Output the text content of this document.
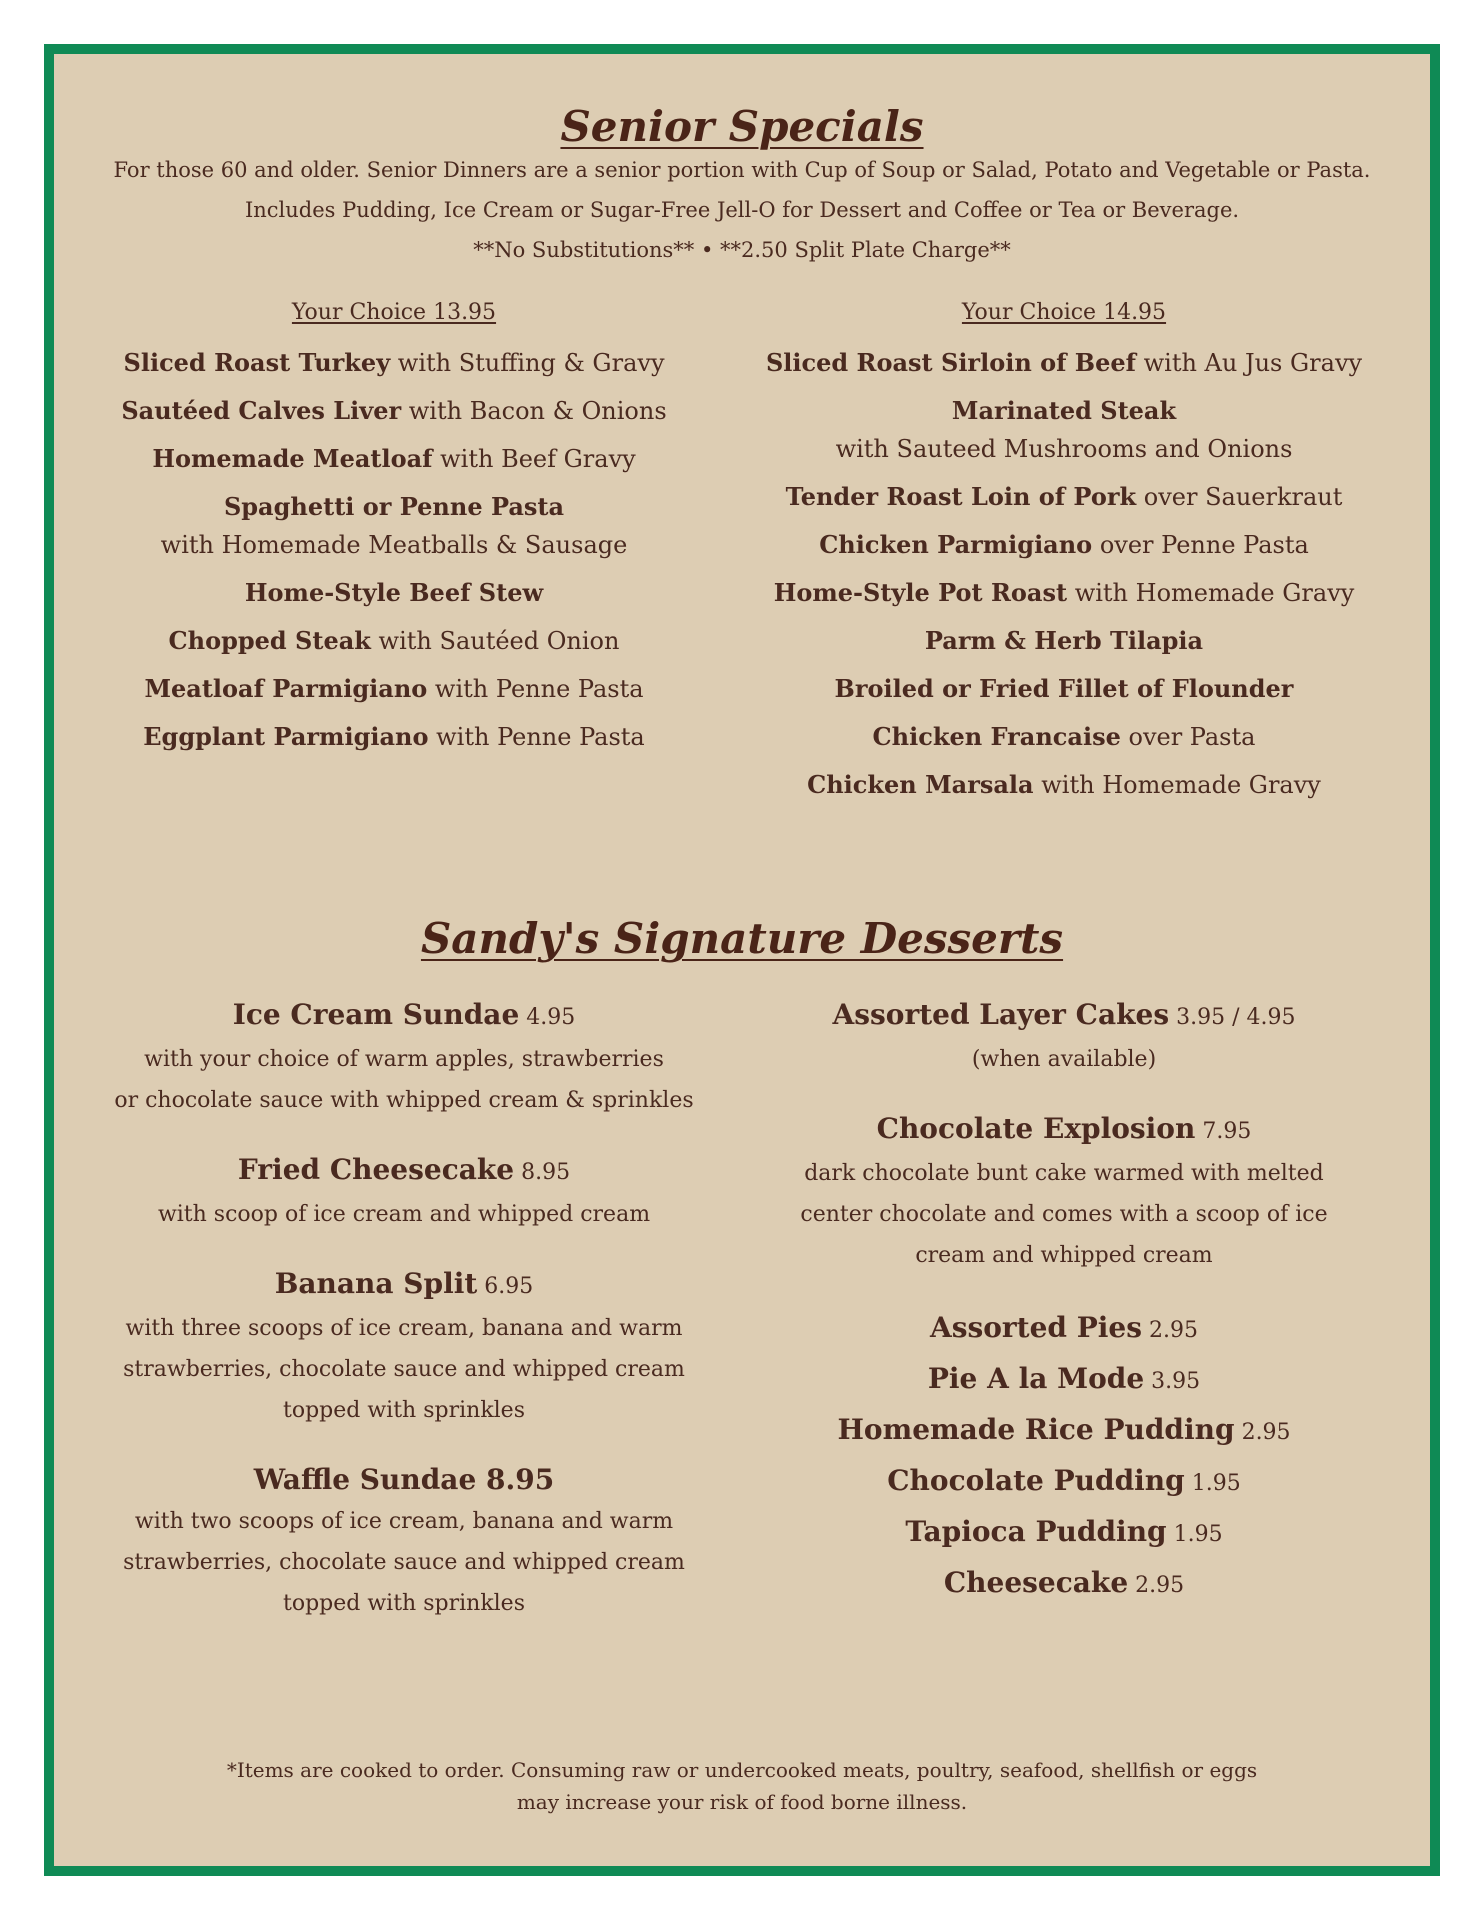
Senior Specials
For those 60 and older. Senior Dinners are a senior portion with Cup of Soup or Salad, Potato and Vegetable or Pasta.
Includes Pudding, Ice Cream or Sugar-Free Jell-O for Dessert and Coffee or Tea or Beverage.
**No Substitutions** • **2.50 Split Plate Charge**
Your Choice 13.95
Sliced Roast Turkey with Stuffing & Gravy
Sautéed Calves Liver with Bacon & Onions
Homemade Meatloaf with Beef Gravy
Spaghetti or Penne Pasta
with Homemade Meatballs & Sausage
Home-Style Beef Stew
Chopped Steak with Sautéed Onion
Meatloaf Parmigiano with Penne Pasta
Eggplant Parmigiano with Penne Pasta
Your Choice 14.95
Sliced Roast Sirloin of Beef with Au Jus Gravy
Marinated Steak
with Sauteed Mushrooms and Onions
Tender Roast Loin of Pork over Sauerkraut
Chicken Parmigiano over Penne Pasta
Home-Style Pot Roast with Homemade Gravy
Parm & Herb Tilapia
Broiled or Fried Fillet of Flounder
Chicken Francaise over Pasta
Chicken Marsala with Homemade Gravy
Sandy's Signature Desserts
Ice Cream Sundae 4.95
with your choice of warm apples, strawberries
or chocolate sauce with whipped cream & sprinkles
Fried Cheesecake 8.95
with scoop of ice cream and whipped cream
Banana Split 6.95
with three scoops of ice cream, banana and warm
strawberries, chocolate sauce and whipped cream
topped with sprinkles
Waffle Sundae 8.95
with two scoops of ice cream, banana and warm
strawberries, chocolate sauce and whipped cream
topped with sprinkles
Assorted Layer Cakes 3.95 / 4.95
(when available)
Chocolate Explosion 7.95
dark chocolate bunt cake warmed with melted
center chocolate and comes with a scoop of ice
cream and whipped cream
Assorted Pies 2.95
Pie A la Mode 3.95
Homemade Rice Pudding 2.95
Chocolate Pudding 1.95
Tapioca Pudding 1.95
Cheesecake 2.95
*Items are cooked to order. Consuming raw or undercooked meats, poultry, seafood, shellfish or eggs
may increase your risk of food borne illness.
